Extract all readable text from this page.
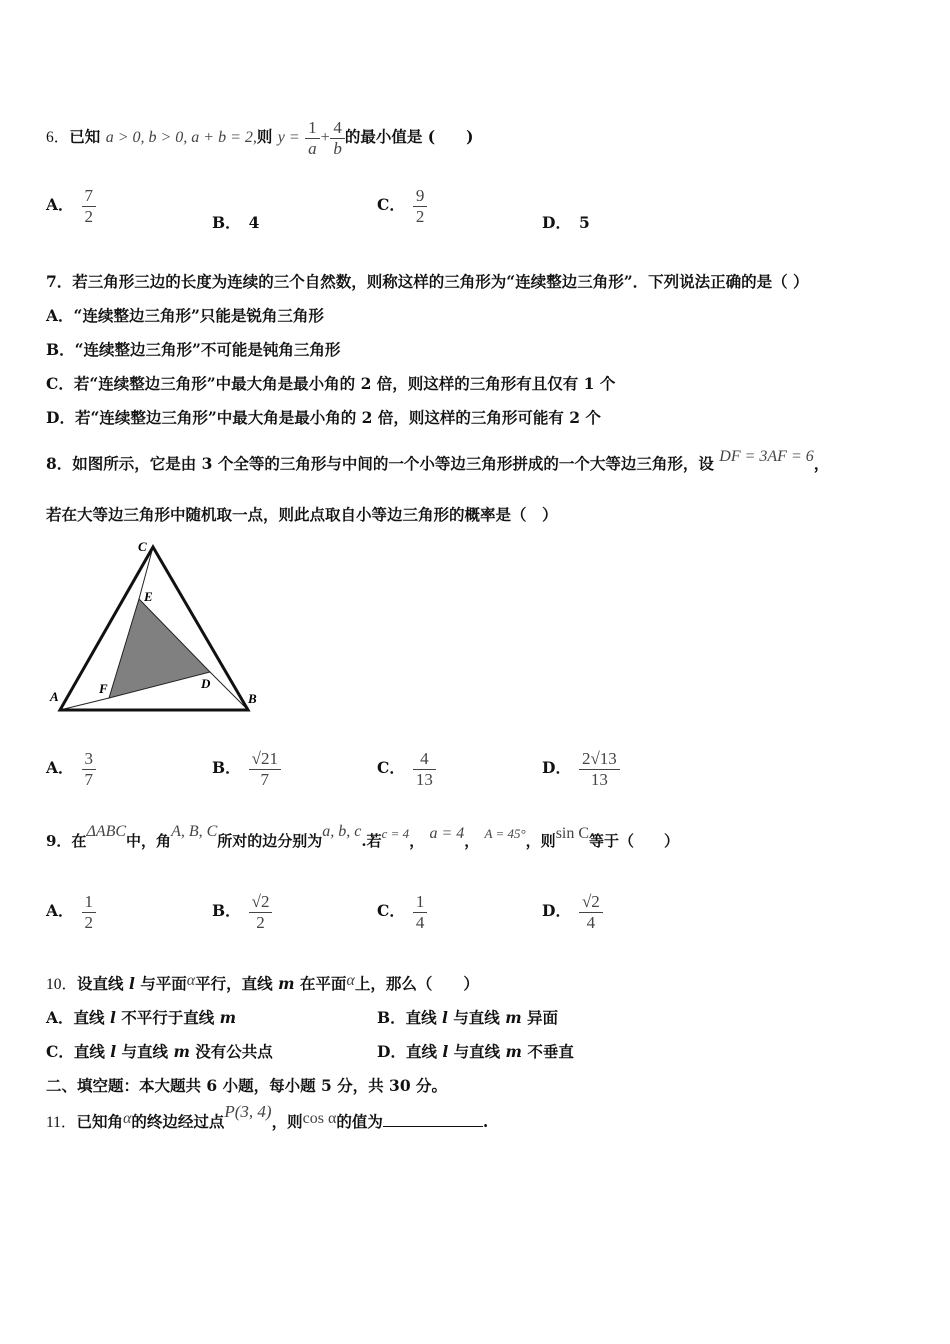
6．已知 a > 0, b > 0, a + b = 2,则 $y = \frac{1}{a} + \frac{4}{b}$ 的最小值是 (　　)
A． $\frac{7}{2}$	B． 4
C． $\frac{9}{2}$	D． 5
7．若三角形三边的长度为连续的三个自然数，则称这样的三角形为“连续整边三角形”．下列说法正确的是（ ）
A．“连续整边三角形”只能是锐角三角形
B．“连续整边三角形”不可能是钝角三角形
C．若“连续整边三角形”中最大角是最小角的 2 倍，则这样的三角形有且仅有 1 个
D．若“连续整边三角形”中最大角是最小角的 2 倍，则这样的三角形可能有 2 个
8．如图所示，它是由 3 个全等的三角形与中间的一个小等边三角形拼成的一个大等边三角形，设 DF = 3AF = 6，
若在大等边三角形中随机取一点，则此点取自小等边三角形的概率是（　）
C
E
D
F
A	B
A． $\frac{3}{7}$	B． $\frac{√21}{7}$	C． $\frac{4}{13}$	D． $\frac{2√13}{13}$
9．在ΔABC中，角A, B, C所对的边分别为a, b, c.若c = 4， a = 4， A = 45°，则sin C等于（　　）
A． $\frac{1}{2}$	B． $\frac{√2}{2}$	C． $\frac{1}{4}$	D． $\frac{√2}{4}$
10．设直线 l 与平面α平行，直线 m 在平面α上，那么（　　）
A．直线 l 不平行于直线 m	B．直线 l 与直线 m 异面
C．直线 l 与直线 m 没有公共点	D．直线 l 与直线 m 不垂直
二、填空题：本大题共 6 小题，每小题 5 分，共 30 分。
11．已知角α的终边经过点P(3, 4)，则cos α的值为	.
